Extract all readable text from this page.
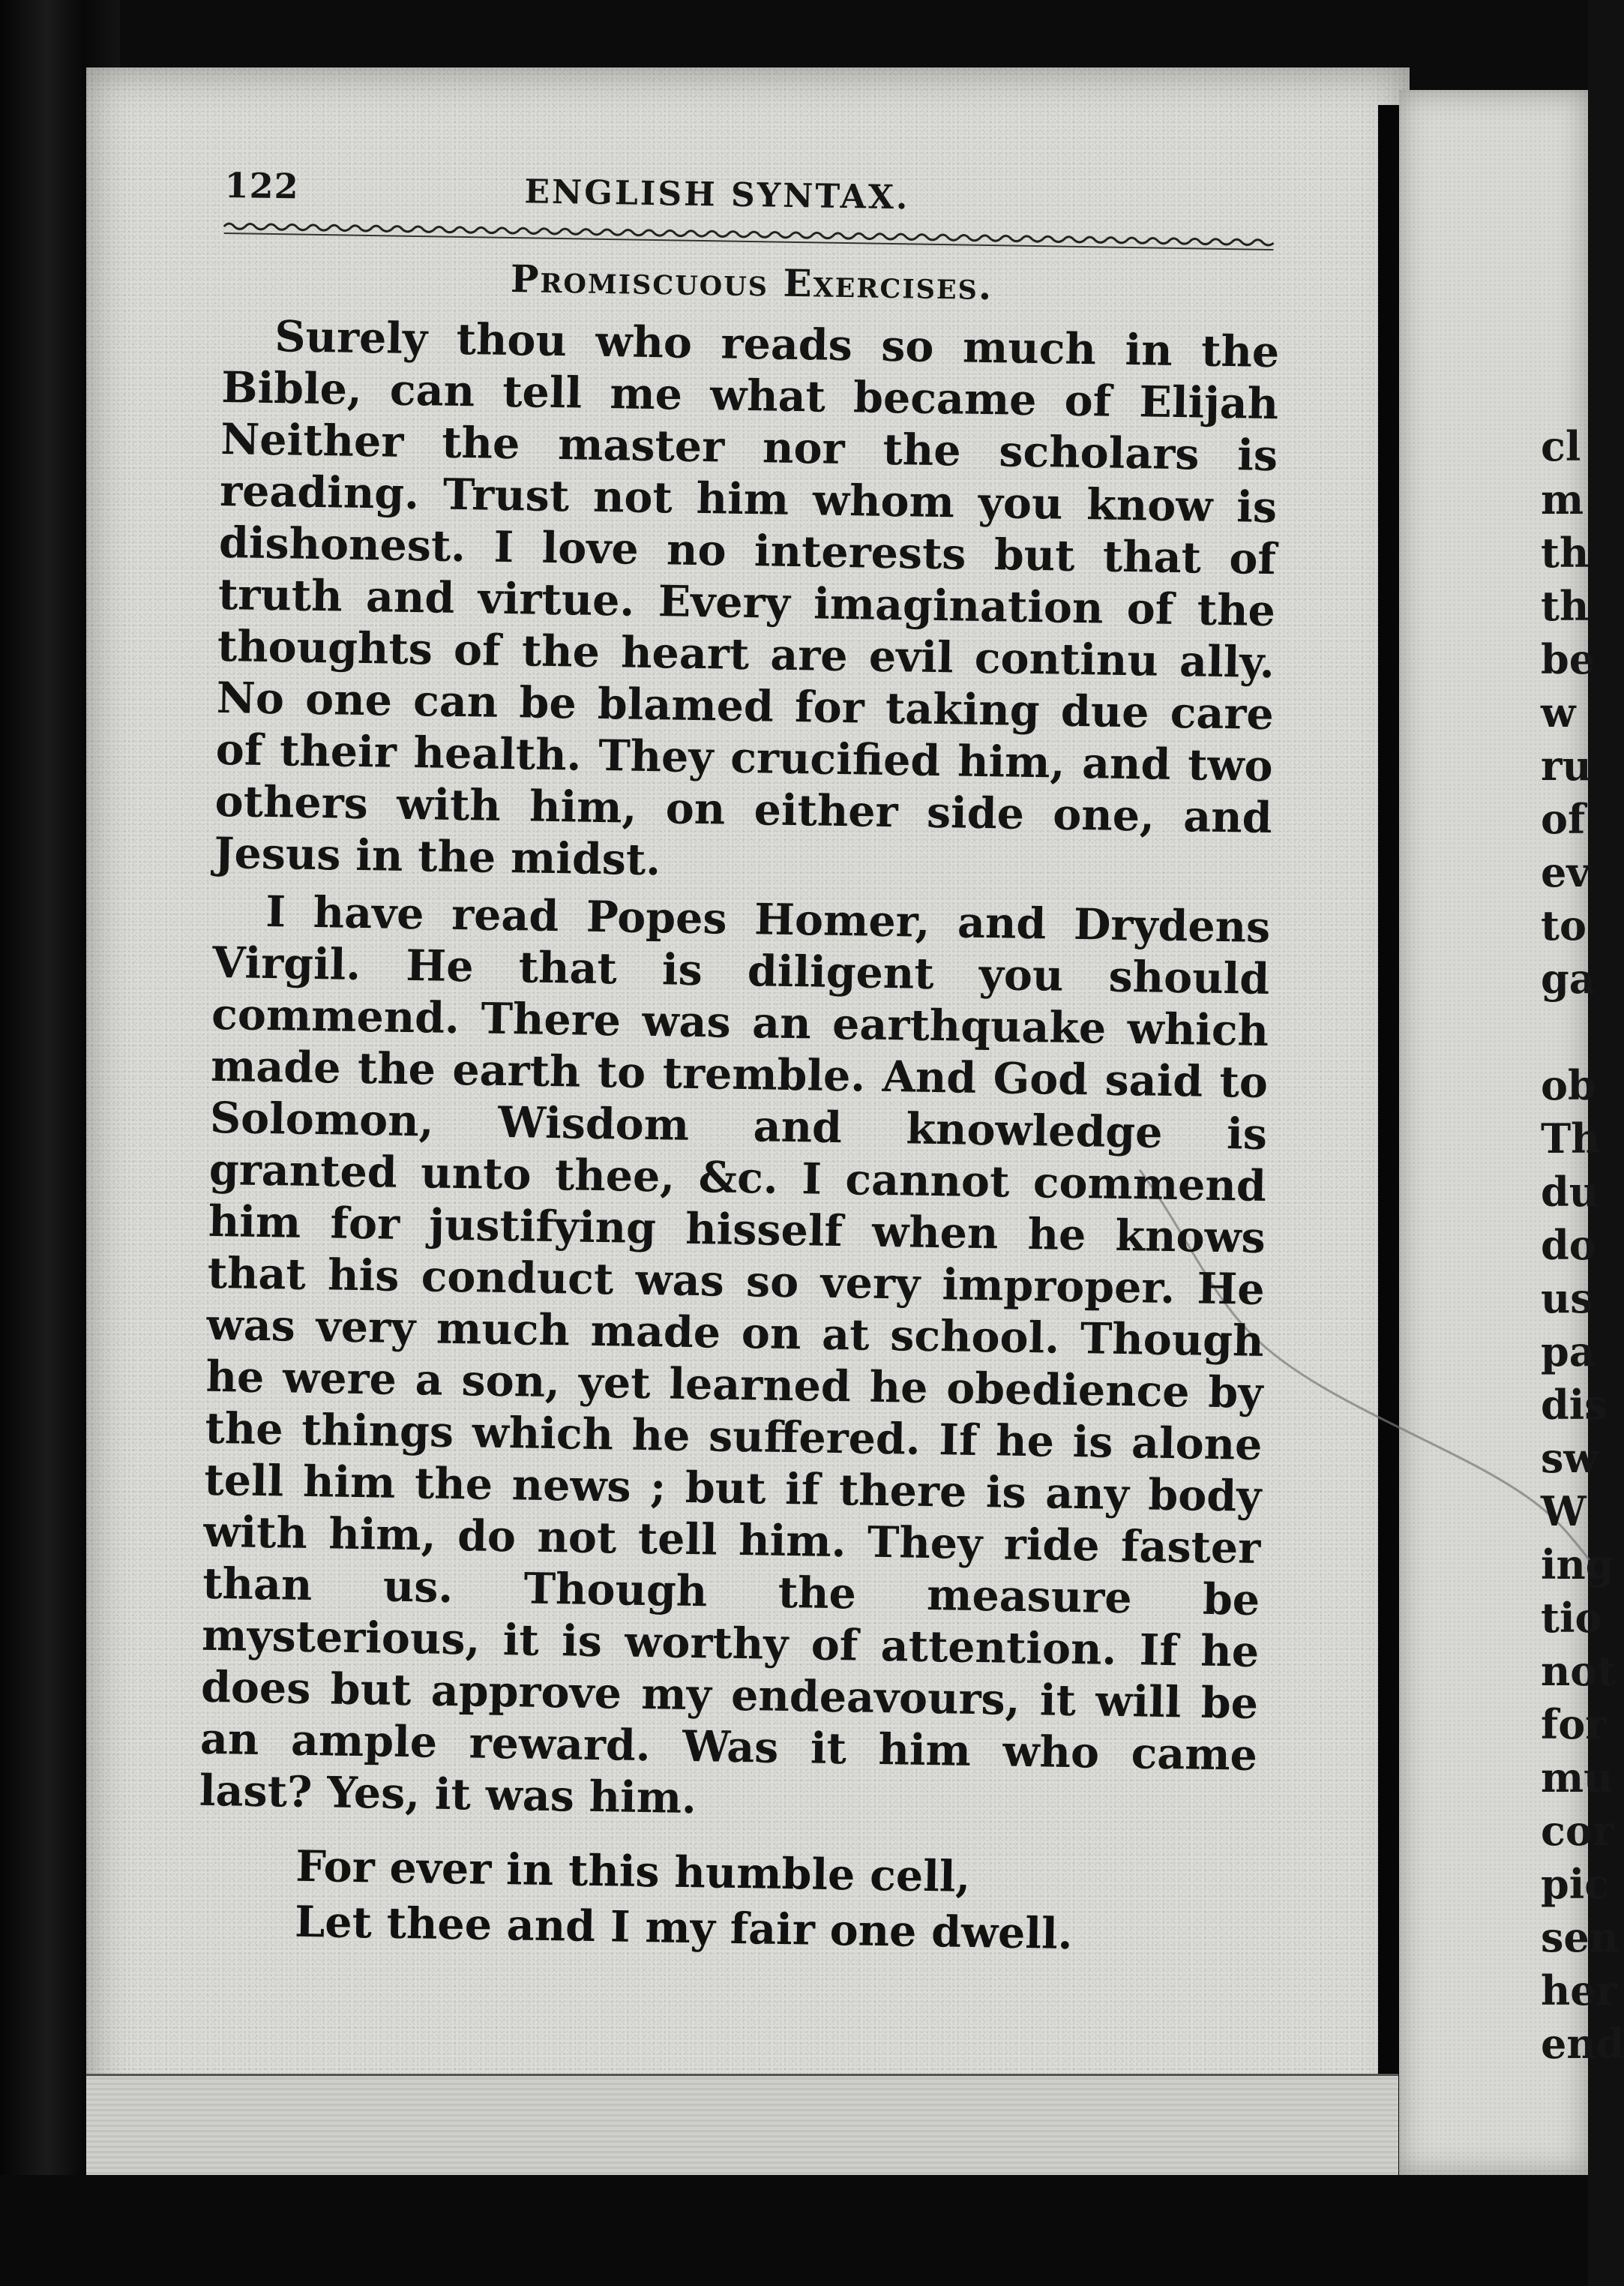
122	ENGLISH SYNTAX.
Promiscuous Exercises.

Surely thou who reads so much in the Bible, can tell me what became of Elijah Neither the master nor the scholars is reading. Trust not him whom you know is dishonest. I love no interests but that of truth and virtue. Every imagination of the thoughts of the heart are evil continu ally. No one can be blamed for taking due care of their health. They crucified him, and two others with him, on either side one, and Jesus in the midst.

I have read Popes Homer, and Drydens Virgil. He that is diligent you should commend. There was an earthquake which made the earth to tremble. And God said to Solomon, Wisdom and knowledge is granted unto thee, &c. I cannot commend him for justifying hisself when he knows that his conduct was so very improper. He was very much made on at school. Though he were a son, yet learned he obedience by the things which he suffered. If he is alone tell him the news ; but if there is any body with him, do not tell him. They ride faster than us. Though the measure be mysterious, it is worthy of attention. If he does but approve my endeavours, it will be an ample reward. Was it him who came last? Yes, it was him.

For ever in this humble cell,
Let thee and I my fair one dwell.
cl
m
th
th
be
w
ru
of
ev
to
ga
ob
Th
du
do
us
pa
dis
sw
W
ing
tio
not
for
mu
cor
pic
sen
her
end
